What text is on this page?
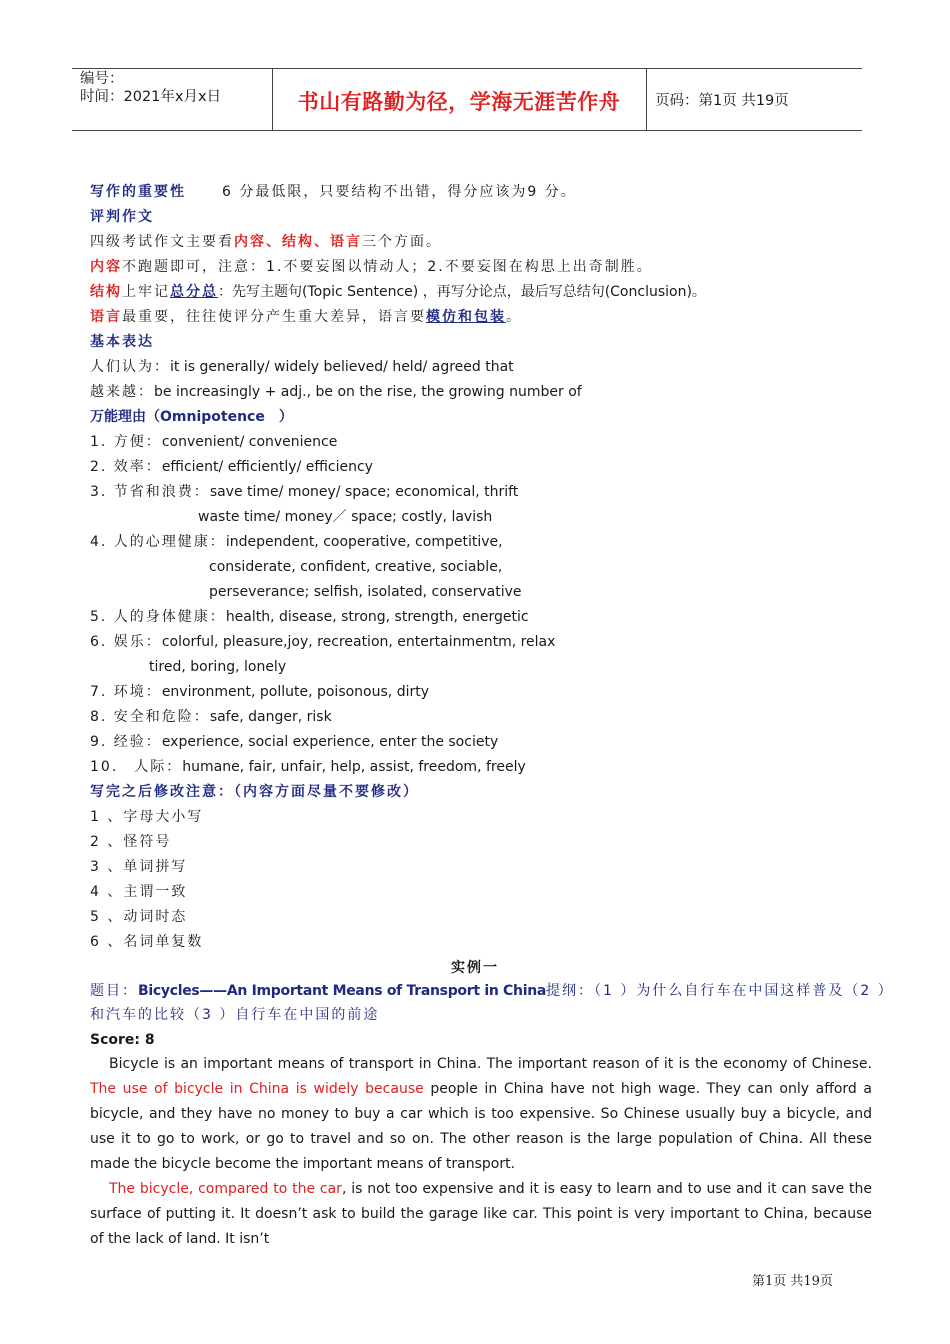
编号：
时间：2021年x月x日	书山有路勤为径，学海无涯苦作舟	页码：第1页 共19页
写作的重要性	6 分最低限，只要结构不出错，得分应该为9 分。
评判作文
四级考试作文主要看内容、结构、语言三个方面。
内容不跑题即可，注意：1.不要妄图以情动人；2.不要妄图在构思上出奇制胜。
结构上牢记总分总：先写主题句(Topic Sentence) ，再写分论点，最后写总结句(Conclusion)。
语言最重要，往往使评分产生重大差异，语言要模仿和包装。
基本表达
人们认为：it is generally/ widely believed/ held/ agreed that
越来越：be increasingly + adj., be on the rise, the growing number of
万能理由（Omnipotence　）
1. 方便：convenient/ convenience
2. 效率：efficient/ efficiently/ efficiency
3. 节省和浪费：save time/ money/ space; economical, thrift
waste time/ money／ space; costly, lavish
4. 人的心理健康：independent, cooperative, competitive,
considerate, confident, creative, sociable,
perseverance; selfish, isolated, conservative
5. 人的身体健康：health, disease, strong, strength, energetic
6. 娱乐：colorful, pleasure,joy, recreation, entertainmentm, relax
tired, boring, lonely
7. 环境：environment, pollute, poisonous, dirty
8. 安全和危险：safe, danger, risk
9. 经验：experience, social experience, enter the society
10.　人际：humane, fair, unfair, help, assist, freedom, freely
写完之后修改注意：（内容方面尽量不要修改）
1 、字母大小写
2 、怪符号
3 、单词拼写
4 、主谓一致
5 、动词时态
6 、名词单复数
实例一
题目：Bicycles——An Important Means of Transport in China提纲：（1 ）为什么自行车在中国这样普及（2 ）
和汽车的比较（3 ）自行车在中国的前途
Score: 8
Bicycle is an important means of transport in China. The important reason of it is the economy of Chinese. The use of bicycle in China is widely because people in China have not high wage. They can only afford a bicycle, and they have no money to buy a car which is too expensive. So Chinese usually buy a bicycle, and use it to go to work, or go to travel and so on. The other reason is the large population of China. All these made the bicycle become the important means of transport.
The bicycle, compared to the car, is not too expensive and it is easy to learn and to use and it can save the surface of putting it. It doesn’t ask to build the garage like car. This point is very important to China, because of the lack of land. It isn’t
第1页 共19页
